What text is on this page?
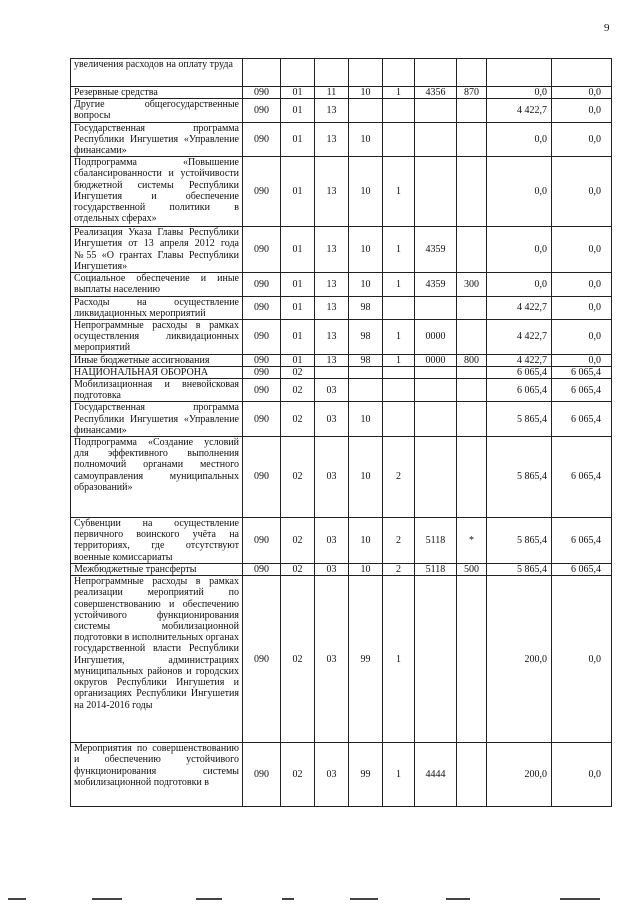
9
увеличения расходов на оплату труда									
Резервные средства	090	01	11	10	1	4356	870	0,0	0,0
Другие общегосударственные вопросы	090	01	13					4 422,7	0,0
Государственная программа Республики Ингушетия «Управление финансами»	090	01	13	10				0,0	0,0
Подпрограмма «Повышение сбалансированности и устойчивости бюджетной системы Республики Ингушетия и обеспечение государственной политики в отдельных сферах»	090	01	13	10	1			0,0	0,0
Реализация Указа Главы Республики Ингушетия от 13 апреля 2012 года №55 «О грантах Главы Республики Ингушетия»	090	01	13	10	1	4359		0,0	0,0
Социальное обеспечение и иные выплаты населению	090	01	13	10	1	4359	300	0,0	0,0
Расходы на осуществление ликвидационных мероприятий	090	01	13	98				4 422,7	0,0
Непрограммные расходы в рамках осуществления ликвидационных мероприятий	090	01	13	98	1	0000		4 422,7	0,0
Иные бюджетные ассигнования	090	01	13	98	1	0000	800	4 422,7	0,0
НАЦИОНАЛЬНАЯ ОБОРОНА	090	02						6 065,4	6 065,4
Мобилизационная и вневойсковая подготовка	090	02	03					6 065,4	6 065,4
Государственная программа Республики Ингушетия «Управление финансами»	090	02	03	10				5 865,4	6 065,4
Подпрограмма «Создание условий для эффективного выполнения полномочий органами местного самоуправления муниципальных образований»	090	02	03	10	2			5 865,4	6 065,4
Субвенции на осуществление первичного воинского учёта на территориях, где отсутствуют военные комиссариаты	090	02	03	10	2	5118	*	5 865,4	6 065,4
Межбюджетные трансферты	090	02	03	10	2	5118	500	5 865,4	6 065,4
Непрограммные расходы в рамках реализации мероприятий по совершенствованию и обеспечению устойчивого функционирования системы мобилизационной подготовки в исполнительных органах государственной власти Республики Ингушетия, администрациях муниципальных районов и городских округов Республики Ингушетия и организациях Республики Ингушетия на 2014-2016 годы	090	02	03	99	1			200,0	0,0
Мероприятия по совершенствованию и обеспечению устойчивого функционирования системы мобилизационной подготовки в	090	02	03	99	1	4444		200,0	0,0
